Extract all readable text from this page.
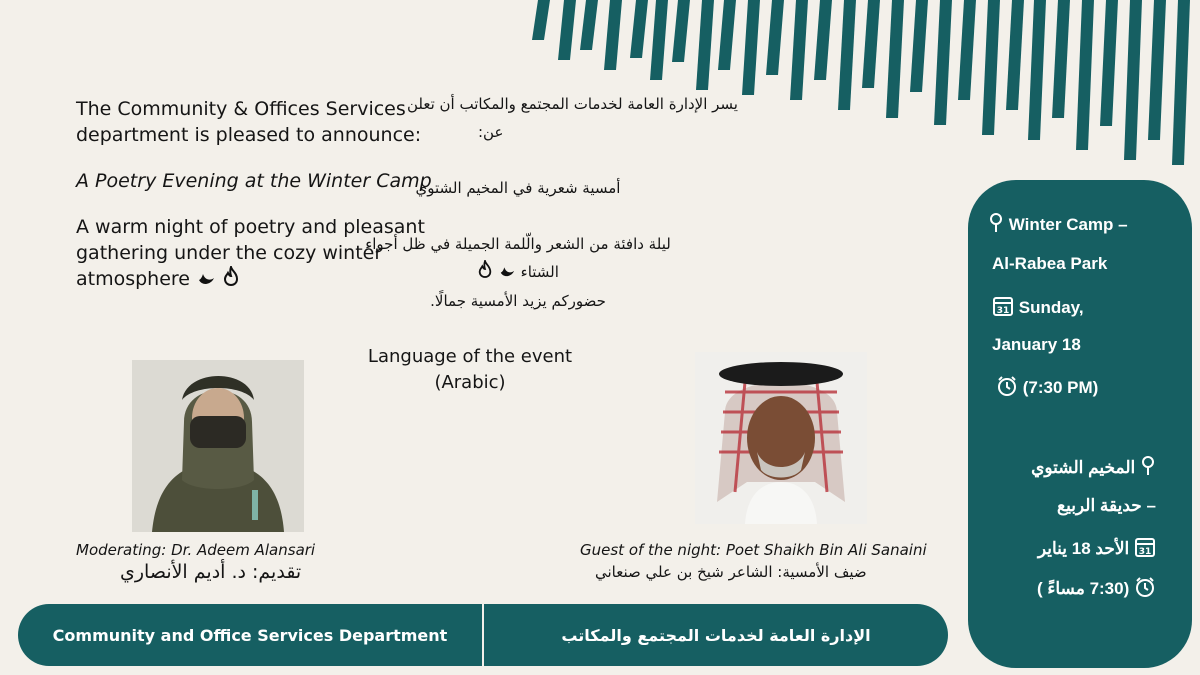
The Community & Offices Services department is pleased to announce:
A Poetry Evening at the Winter Camp
A warm night of poetry and pleasant gathering under the cozy winter atmosphere
يسر الإدارة العامة لخدمات المجتمع والمكاتب أن تعلن
عن:
أمسية شعرية في المخيم الشتوي
ليلة دافئة من الشعر والّلمة الجميلة في ظل أجواء
الشتاء
حضوركم يزيد الأمسية جمالًا.
Language of the event
(Arabic)
Moderating: Dr. Adeem Alansari
تقديم: د. أديم الأنصاري
Guest of the night: Poet Shaikh Bin Ali Sanaini
ضيف الأمسية: الشاعر شيخ بن علي صنعاني
Community and Office Services Department	الإدارة العامة لخدمات المجتمع والمكاتب
Winter Camp –
Al-Rabea Park
31 Sunday,
January 18
(7:30 PM)
المخيم الشتوي
– حديقة الربيع
31
الأحد 18 يناير
(7:30 مساءً )
